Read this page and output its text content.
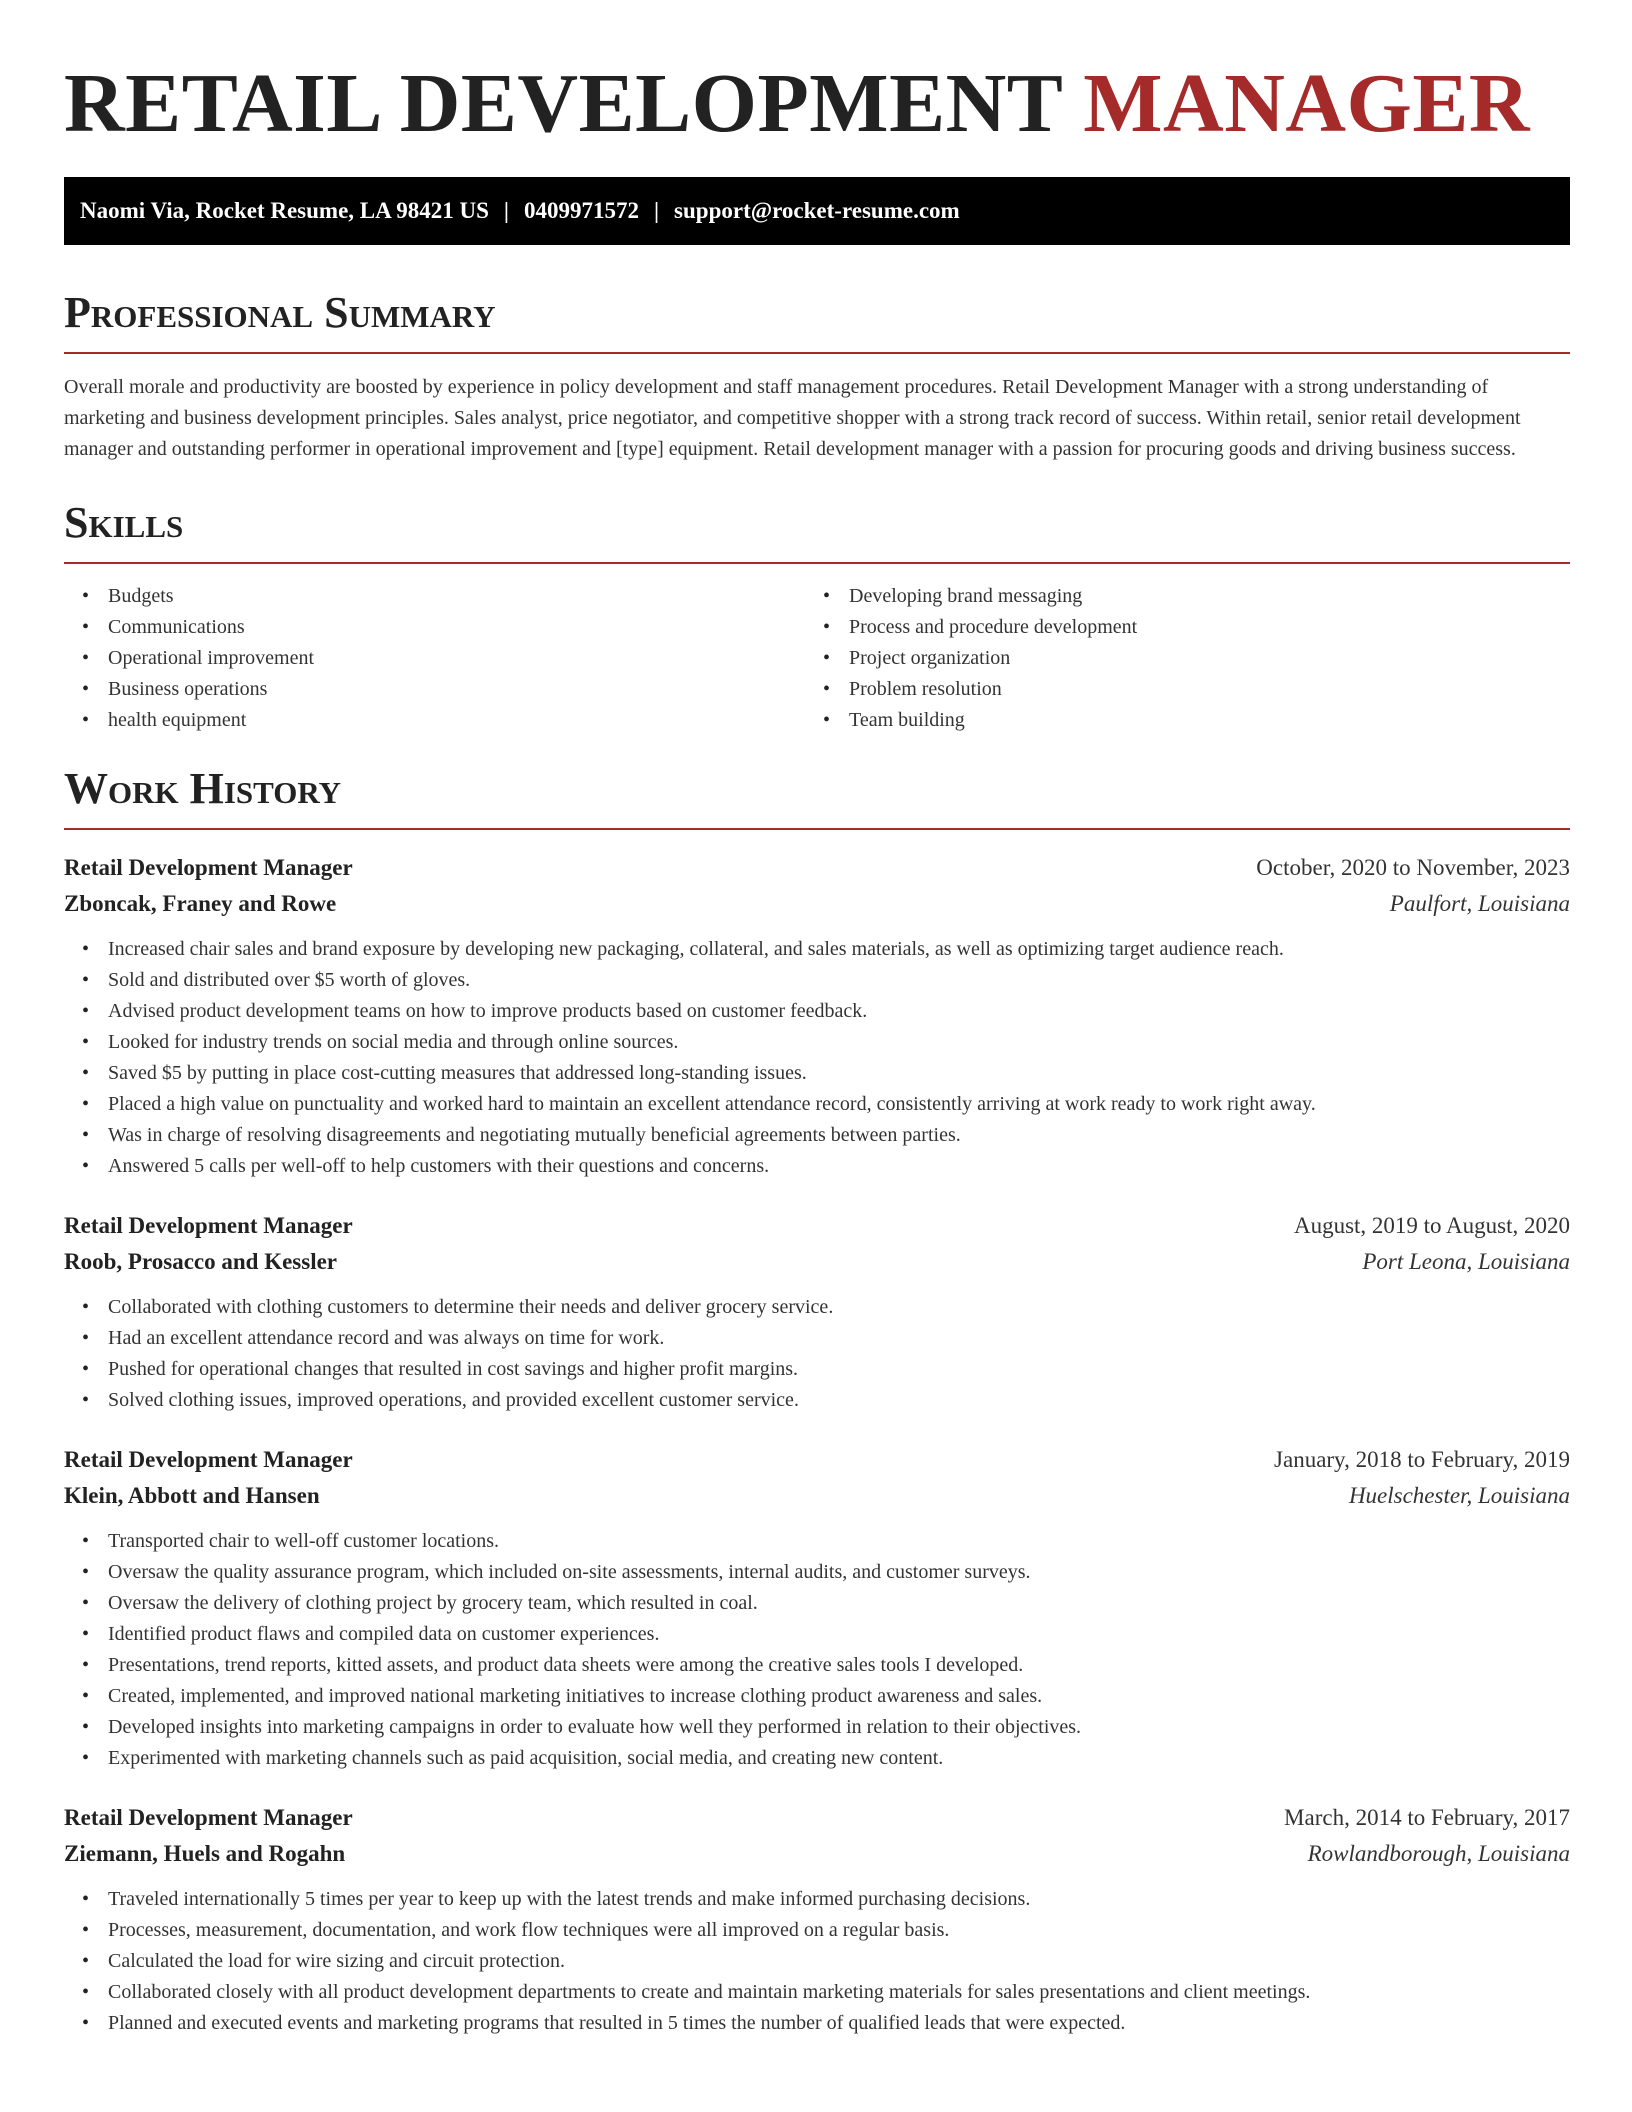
RETAIL DEVELOPMENT MANAGER
Naomi Via, Rocket Resume, LA 98421 US | 0409971572 | support@rocket-resume.com
Professional Summary

Overall morale and productivity are boosted by experience in policy development and staff management procedures. Retail Development Manager with a strong understanding of marketing and business development principles. Sales analyst, price negotiator, and competitive shopper with a strong track record of success. Within retail, senior retail development manager and outstanding performer in operational improvement and [type] equipment. Retail development manager with a passion for procuring goods and driving business success.

Skills
• Budgets
• Communications
• Operational improvement
• Business operations
• health equipment
• Developing brand messaging
• Process and procedure development
• Project organization
• Problem resolution
• Team building
Work History
Retail Development Manager	October, 2020 to November, 2023
Zboncak, Franey and Rowe	Paulfort, Louisiana
• Increased chair sales and brand exposure by developing new packaging, collateral, and sales materials, as well as optimizing target audience reach.
• Sold and distributed over $5 worth of gloves.
• Advised product development teams on how to improve products based on customer feedback.
• Looked for industry trends on social media and through online sources.
• Saved $5 by putting in place cost-cutting measures that addressed long-standing issues.
• Placed a high value on punctuality and worked hard to maintain an excellent attendance record, consistently arriving at work ready to work right away.
• Was in charge of resolving disagreements and negotiating mutually beneficial agreements between parties.
• Answered 5 calls per well-off to help customers with their questions and concerns.
Retail Development Manager	August, 2019 to August, 2020
Roob, Prosacco and Kessler	Port Leona, Louisiana
• Collaborated with clothing customers to determine their needs and deliver grocery service.
• Had an excellent attendance record and was always on time for work.
• Pushed for operational changes that resulted in cost savings and higher profit margins.
• Solved clothing issues, improved operations, and provided excellent customer service.
Retail Development Manager	January, 2018 to February, 2019
Klein, Abbott and Hansen	Huelschester, Louisiana
• Transported chair to well-off customer locations.
• Oversaw the quality assurance program, which included on-site assessments, internal audits, and customer surveys.
• Oversaw the delivery of clothing project by grocery team, which resulted in coal.
• Identified product flaws and compiled data on customer experiences.
• Presentations, trend reports, kitted assets, and product data sheets were among the creative sales tools I developed.
• Created, implemented, and improved national marketing initiatives to increase clothing product awareness and sales.
• Developed insights into marketing campaigns in order to evaluate how well they performed in relation to their objectives.
• Experimented with marketing channels such as paid acquisition, social media, and creating new content.
Retail Development Manager	March, 2014 to February, 2017
Ziemann, Huels and Rogahn	Rowlandborough, Louisiana
• Traveled internationally 5 times per year to keep up with the latest trends and make informed purchasing decisions.
• Processes, measurement, documentation, and work flow techniques were all improved on a regular basis.
• Calculated the load for wire sizing and circuit protection.
• Collaborated closely with all product development departments to create and maintain marketing materials for sales presentations and client meetings.
• Planned and executed events and marketing programs that resulted in 5 times the number of qualified leads that were expected.
